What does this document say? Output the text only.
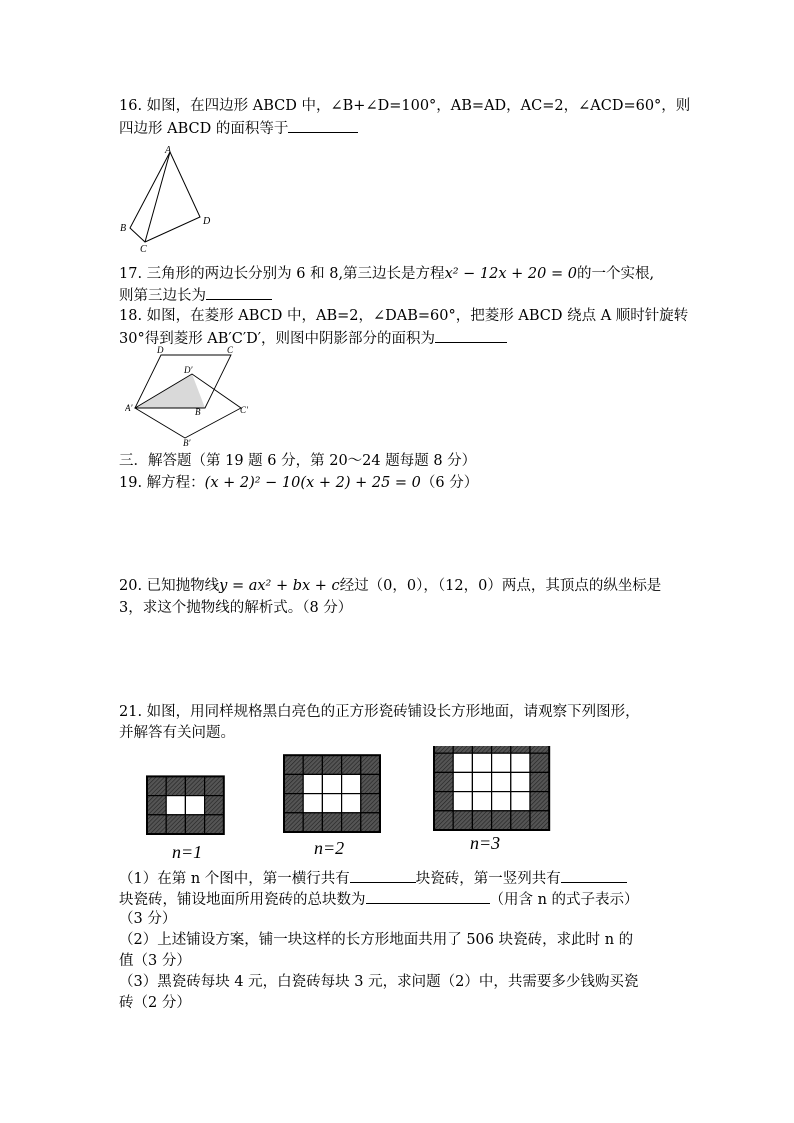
16. 如图，在四边形 ABCD 中，∠B+∠D=100°，AB=AD，AC=2，∠ACD=60°，则
四边形 ABCD 的面积等于
A
B
C
D
17. 三角形的两边长分别为 6 和 8,第三边长是方程x² − 12x + 20 = 0的一个实根,
则第三边长为
18. 如图，在菱形 ABCD 中，AB=2，∠DAB=60°，把菱形 ABCD 绕点 A 顺时针旋转
30°得到菱形 AB′C′D′，则图中阴影部分的面积为
D	C
D′
A′	B	C′
B′
三．解答题（第 19 题 6 分，第 20～24 题每题 8 分）
19. 解方程：(x + 2)² − 10(x + 2) + 25 = 0（6 分）
20. 已知抛物线y = ax² + bx + c经过（0，0），（12，0）两点，其顶点的纵坐标是
3，求这个抛物线的解析式。（8 分）
21. 如图，用同样规格黑白亮色的正方形瓷砖铺设长方形地面，请观察下列图形，
并解答有关问题。
n=1	n=2	n=3
（1）在第 n 个图中，第一横行共有	块瓷砖，第一竖列共有
块瓷砖，铺设地面所用瓷砖的总块数为	（用含 n 的式子表示）
（3 分）
（2）上述铺设方案，铺一块这样的长方形地面共用了 506 块瓷砖，求此时 n 的
值（3 分）
（3）黑瓷砖每块 4 元，白瓷砖每块 3 元，求问题（2）中，共需要多少钱购买瓷
砖（2 分）
